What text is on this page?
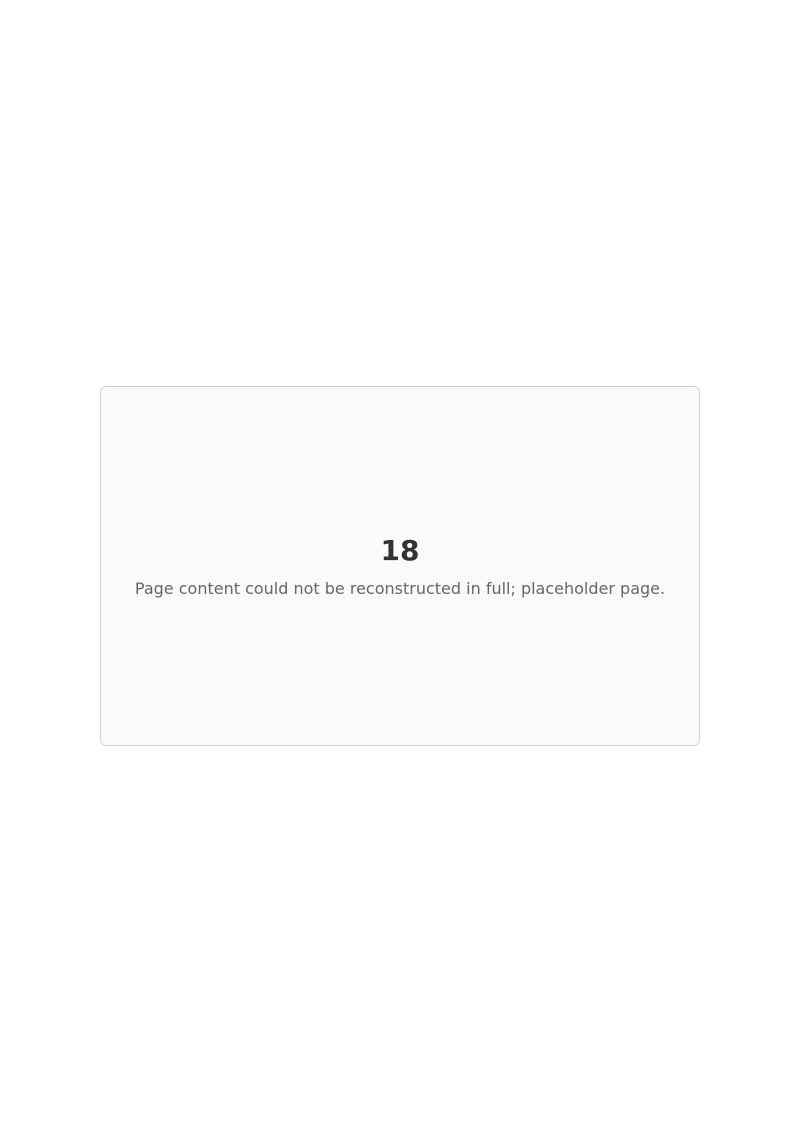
18
Page content could not be reconstructed in full; placeholder page.
